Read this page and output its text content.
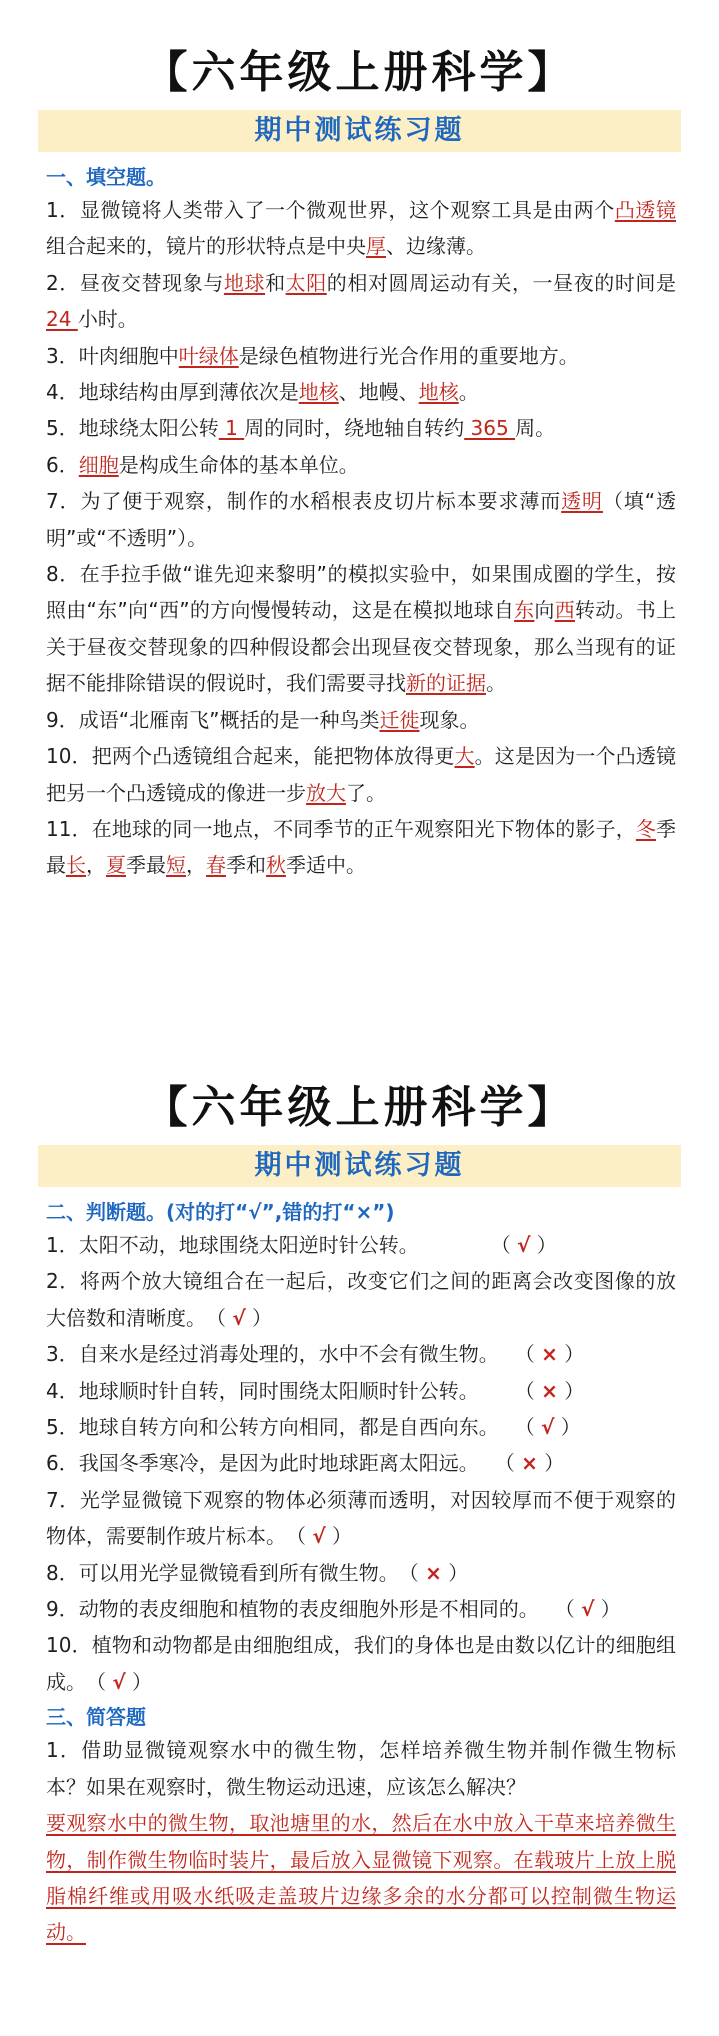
【六年级上册科学】
期中测试练习题
一、填空题。

1．显微镜将人类带入了一个微观世界，这个观察工具是由两个凸透镜组合起来的，镜片的形状特点是中央厚、边缘薄。

2．昼夜交替现象与地球和太阳的相对圆周运动有关，一昼夜的时间是 24 小时。

3．叶肉细胞中叶绿体是绿色植物进行光合作用的重要地方。

4．地球结构由厚到薄依次是地核、地幔、地核。

5．地球绕太阳公转 1 周的同时，绕地轴自转约 365 周。

6．细胞是构成生命体的基本单位。

7．为了便于观察，制作的水稻根表皮切片标本要求薄而透明（填“透明”或“不透明”）。

8．在手拉手做“谁先迎来黎明”的模拟实验中，如果围成圈的学生，按照由“东”向“西”的方向慢慢转动，这是在模拟地球自东向西转动。书上关于昼夜交替现象的四种假设都会出现昼夜交替现象，那么当现有的证据不能排除错误的假说时，我们需要寻找新的证据。

9．成语“北雁南飞”概括的是一种鸟类迁徙现象。

10．把两个凸透镜组合起来，能把物体放得更大。这是因为一个凸透镜把另一个凸透镜成的像进一步放大了。

11．在地球的同一地点，不同季节的正午观察阳光下物体的影子，冬季最长，夏季最短，春季和秋季适中。

【六年级上册科学】
期中测试练习题
二、判断题。(对的打“√”,错的打“×”)

1．太阳不动，地球围绕太阳逆时针公转。	（ √ ）

2．将两个放大镜组合在一起后，改变它们之间的距离会改变图像的放大倍数和清晰度。（ √ ）

3．自来水是经过消毒处理的，水中不会有微生物。 （ × ）

4．地球顺时针自转，同时围绕太阳顺时针公转。 （ × ）

5．地球自转方向和公转方向相同，都是自西向东。 （ √ ）

6．我国冬季寒冷，是因为此时地球距离太阳远。 （ × ）

7．光学显微镜下观察的物体必须薄而透明，对因较厚而不便于观察的物体，需要制作玻片标本。（ √ ）

8．可以用光学显微镜看到所有微生物。（ × ）

9．动物的表皮细胞和植物的表皮细胞外形是不相同的。 （ √ ）

10．植物和动物都是由细胞组成，我们的身体也是由数以亿计的细胞组成。（ √ ）

三、简答题

1．借助显微镜观察水中的微生物，怎样培养微生物并制作微生物标本？如果在观察时，微生物运动迅速，应该怎么解决？

要观察水中的微生物，取池塘里的水，然后在水中放入干草来培养微生物，制作微生物临时装片，最后放入显微镜下观察。在载玻片上放上脱脂棉纤维或用吸水纸吸走盖玻片边缘多余的水分都可以控制微生物运动。
